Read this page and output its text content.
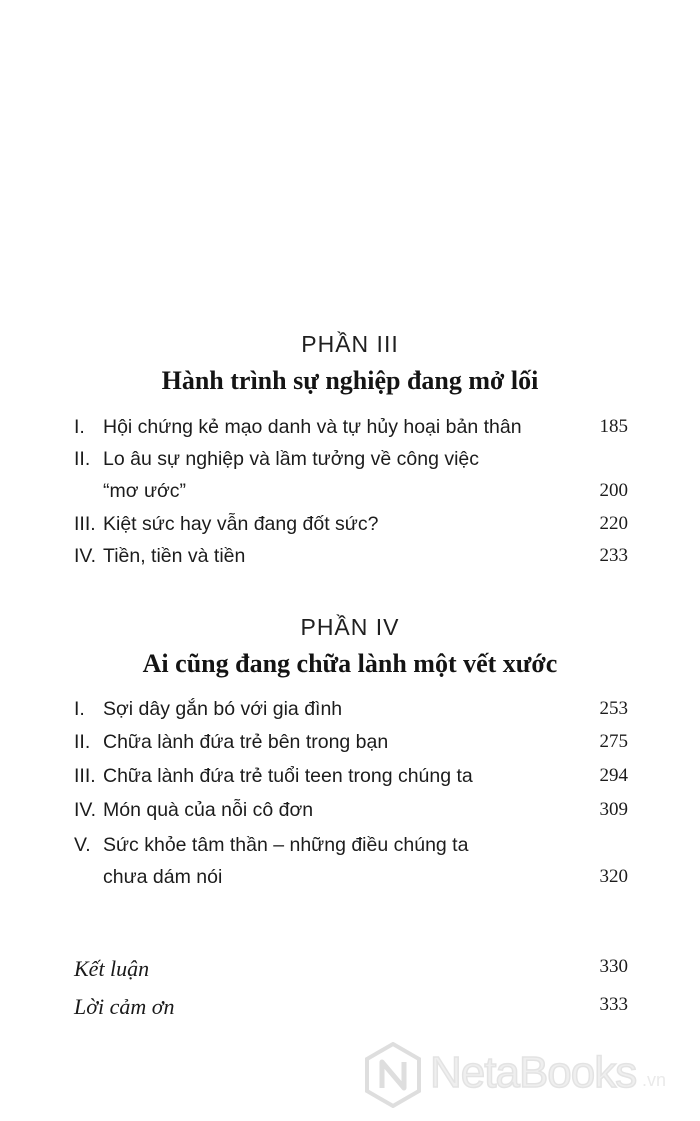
PHẦN III
Hành trình sự nghiệp đang mở lối
I. Hội chứng kẻ mạo danh và tự hủy hoại bản thân	185
II. Lo âu sự nghiệp và lầm tưởng về công việc
“mơ ước”	200
III. Kiệt sức hay vẫn đang đốt sức?	220
IV. Tiền, tiền và tiền	233
PHẦN IV
Ai cũng đang chữa lành một vết xước
I. Sợi dây gắn bó với gia đình	253
II. Chữa lành đứa trẻ bên trong bạn	275
III. Chữa lành đứa trẻ tuổi teen trong chúng ta	294
IV. Món quà của nỗi cô đơn	309
V. Sức khỏe tâm thần – những điều chúng ta
chưa dám nói	320
Kết luận	330
Lời cảm ơn	333
NetaBooks .vn
